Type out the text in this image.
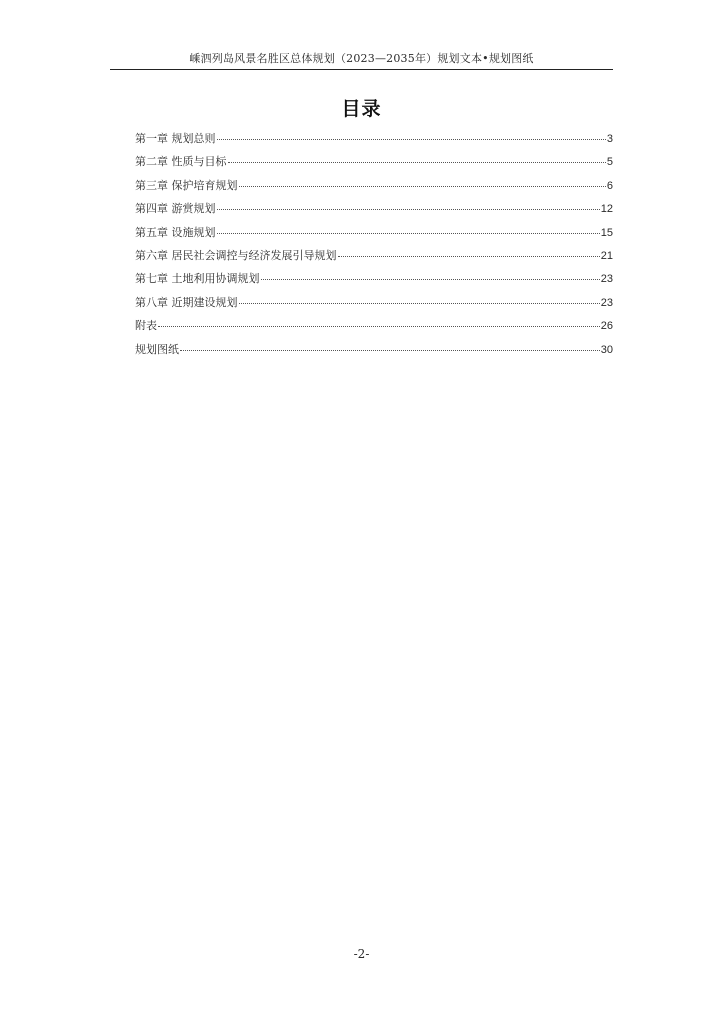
嵊泗列岛风景名胜区总体规划（2023—2035年）规划文本•规划图纸
目录
第一章 规划总则	3
第二章 性质与目标	5
第三章 保护培育规划	6
第四章 游赏规划	12
第五章 设施规划	15
第六章 居民社会调控与经济发展引导规划	21
第七章 土地利用协调规划	23
第八章 近期建设规划	23
附表	26
规划图纸	30
-2-
